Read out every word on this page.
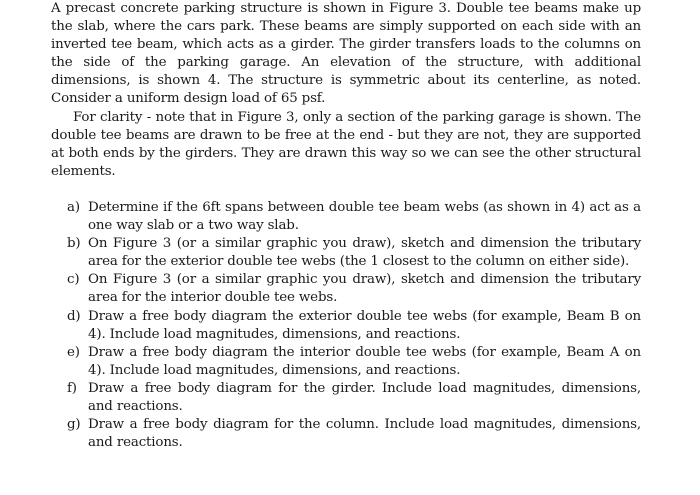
A precast concrete parking structure is shown in Figure 3. Double tee beams make up the slab, where the cars park. These beams are simply supported on each side with an inverted tee beam, which acts as a girder. The girder transfers loads to the columns on the side of the parking garage. An elevation of the structure, with additional dimensions, is shown 4. The structure is symmetric about its centerline, as noted. Consider a uniform design load of 65 psf.

For clarity - note that in Figure 3, only a section of the parking garage is shown. The double tee beams are drawn to be free at the end - but they are not, they are supported at both ends by the girders. They are drawn this way so we can see the other structural elements.

a) Determine if the 6ft spans between double tee beam webs (as shown in 4) act as a one way slab or a two way slab.
b) On Figure 3 (or a similar graphic you draw), sketch and dimension the tributary area for the exterior double tee webs (the 1 closest to the column on either side).
c) On Figure 3 (or a similar graphic you draw), sketch and dimension the tributary area for the interior double tee webs.
d) Draw a free body diagram the exterior double tee webs (for example, Beam B on 4). Include load magnitudes, dimensions, and reactions.
e) Draw a free body diagram the interior double tee webs (for example, Beam A on 4). Include load magnitudes, dimensions, and reactions.
f) Draw a free body diagram for the girder. Include load magnitudes, dimensions, and reactions.
g) Draw a free body diagram for the column. Include load magnitudes, dimensions, and reactions.
